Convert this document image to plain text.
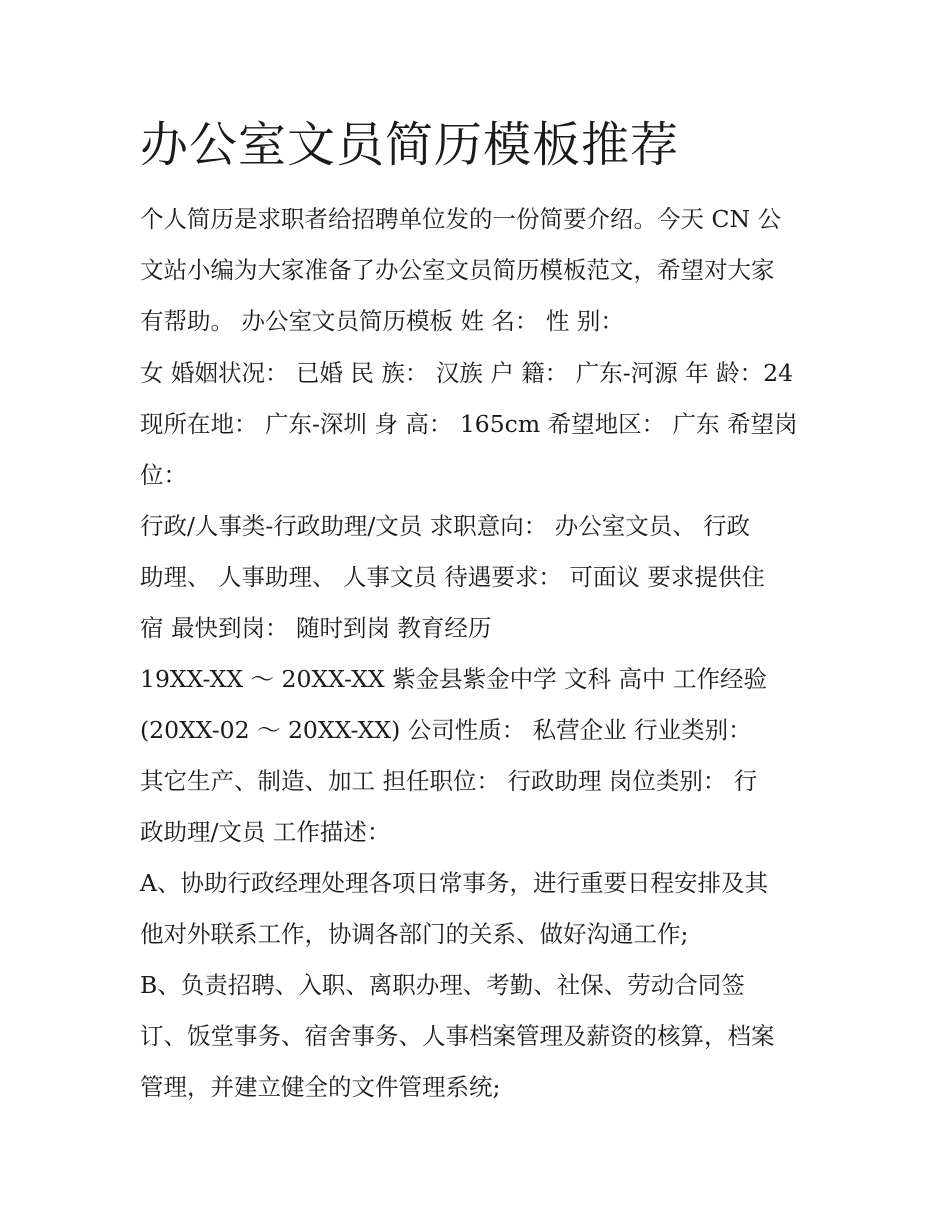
办公室文员简历模板推荐

个人简历是求职者给招聘单位发的一份简要介绍。今天 CN 公

文站小编为大家准备了办公室文员简历模板范文，希望对大家

有帮助。 办公室文员简历模板 姓 名： 性 别：

女 婚姻状况： 已婚 民 族： 汉族 户 籍： 广东-河源 年 龄：24

现所在地： 广东-深圳 身 高： 165cm 希望地区： 广东 希望岗

位：

行政/人事类-行政助理/文员 求职意向： 办公室文员、 行政

助理、 人事助理、 人事文员 待遇要求： 可面议 要求提供住

宿 最快到岗： 随时到岗 教育经历

19XX-XX ～ 20XX-XX 紫金县紫金中学 文科 高中 工作经验

(20XX-02 ～ 20XX-XX) 公司性质： 私营企业 行业类别：

其它生产、制造、加工 担任职位： 行政助理 岗位类别： 行

政助理/文员 工作描述：

A、协助行政经理处理各项日常事务，进行重要日程安排及其

他对外联系工作，协调各部门的关系、做好沟通工作;

B、负责招聘、入职、离职办理、考勤、社保、劳动合同签

订、饭堂事务、宿舍事务、人事档案管理及薪资的核算，档案

管理，并建立健全的文件管理系统;
